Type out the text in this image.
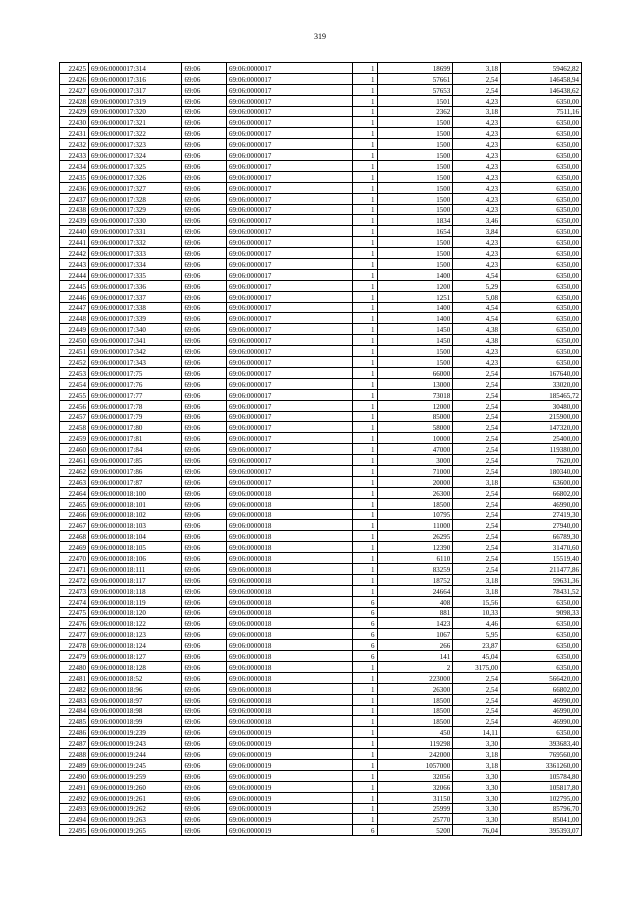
319
22425	69:06:0000017:314	69:06	69:06:0000017	1	18699	3,18	59462,82
22426	69:06:0000017:316	69:06	69:06:0000017	1	57661	2,54	146458,94
22427	69:06:0000017:317	69:06	69:06:0000017	1	57653	2,54	146438,62
22428	69:06:0000017:319	69:06	69:06:0000017	1	1501	4,23	6350,00
22429	69:06:0000017:320	69:06	69:06:0000017	1	2362	3,18	7511,16
22430	69:06:0000017:321	69:06	69:06:0000017	1	1500	4,23	6350,00
22431	69:06:0000017:322	69:06	69:06:0000017	1	1500	4,23	6350,00
22432	69:06:0000017:323	69:06	69:06:0000017	1	1500	4,23	6350,00
22433	69:06:0000017:324	69:06	69:06:0000017	1	1500	4,23	6350,00
22434	69:06:0000017:325	69:06	69:06:0000017	1	1500	4,23	6350,00
22435	69:06:0000017:326	69:06	69:06:0000017	1	1500	4,23	6350,00
22436	69:06:0000017:327	69:06	69:06:0000017	1	1500	4,23	6350,00
22437	69:06:0000017:328	69:06	69:06:0000017	1	1500	4,23	6350,00
22438	69:06:0000017:329	69:06	69:06:0000017	1	1500	4,23	6350,00
22439	69:06:0000017:330	69:06	69:06:0000017	1	1834	3,46	6350,00
22440	69:06:0000017:331	69:06	69:06:0000017	1	1654	3,84	6350,00
22441	69:06:0000017:332	69:06	69:06:0000017	1	1500	4,23	6350,00
22442	69:06:0000017:333	69:06	69:06:0000017	1	1500	4,23	6350,00
22443	69:06:0000017:334	69:06	69:06:0000017	1	1500	4,23	6350,00
22444	69:06:0000017:335	69:06	69:06:0000017	1	1400	4,54	6350,00
22445	69:06:0000017:336	69:06	69:06:0000017	1	1200	5,29	6350,00
22446	69:06:0000017:337	69:06	69:06:0000017	1	1251	5,08	6350,00
22447	69:06:0000017:338	69:06	69:06:0000017	1	1400	4,54	6350,00
22448	69:06:0000017:339	69:06	69:06:0000017	1	1400	4,54	6350,00
22449	69:06:0000017:340	69:06	69:06:0000017	1	1450	4,38	6350,00
22450	69:06:0000017:341	69:06	69:06:0000017	1	1450	4,38	6350,00
22451	69:06:0000017:342	69:06	69:06:0000017	1	1500	4,23	6350,00
22452	69:06:0000017:343	69:06	69:06:0000017	1	1500	4,23	6350,00
22453	69:06:0000017:75	69:06	69:06:0000017	1	66000	2,54	167640,00
22454	69:06:0000017:76	69:06	69:06:0000017	1	13000	2,54	33020,00
22455	69:06:0000017:77	69:06	69:06:0000017	1	73018	2,54	185465,72
22456	69:06:0000017:78	69:06	69:06:0000017	1	12000	2,54	30480,00
22457	69:06:0000017:79	69:06	69:06:0000017	1	85000	2,54	215900,00
22458	69:06:0000017:80	69:06	69:06:0000017	1	58000	2,54	147320,00
22459	69:06:0000017:81	69:06	69:06:0000017	1	10000	2,54	25400,00
22460	69:06:0000017:84	69:06	69:06:0000017	1	47000	2,54	119380,00
22461	69:06:0000017:85	69:06	69:06:0000017	1	3000	2,54	7620,00
22462	69:06:0000017:86	69:06	69:06:0000017	1	71000	2,54	180340,00
22463	69:06:0000017:87	69:06	69:06:0000017	1	20000	3,18	63600,00
22464	69:06:0000018:100	69:06	69:06:0000018	1	26300	2,54	66802,00
22465	69:06:0000018:101	69:06	69:06:0000018	1	18500	2,54	46990,00
22466	69:06:0000018:102	69:06	69:06:0000018	1	10795	2,54	27419,30
22467	69:06:0000018:103	69:06	69:06:0000018	1	11000	2,54	27940,00
22468	69:06:0000018:104	69:06	69:06:0000018	1	26295	2,54	66789,30
22469	69:06:0000018:105	69:06	69:06:0000018	1	12390	2,54	31470,60
22470	69:06:0000018:106	69:06	69:06:0000018	1	6110	2,54	15519,40
22471	69:06:0000018:111	69:06	69:06:0000018	1	83259	2,54	211477,86
22472	69:06:0000018:117	69:06	69:06:0000018	1	18752	3,18	59631,36
22473	69:06:0000018:118	69:06	69:06:0000018	1	24664	3,18	78431,52
22474	69:06:0000018:119	69:06	69:06:0000018	6	408	15,56	6350,00
22475	69:06:0000018:120	69:06	69:06:0000018	6	881	10,33	9098,33
22476	69:06:0000018:122	69:06	69:06:0000018	6	1423	4,46	6350,00
22477	69:06:0000018:123	69:06	69:06:0000018	6	1067	5,95	6350,00
22478	69:06:0000018:124	69:06	69:06:0000018	6	266	23,87	6350,00
22479	69:06:0000018:127	69:06	69:06:0000018	6	141	45,04	6350,00
22480	69:06:0000018:128	69:06	69:06:0000018	1	2	3175,00	6350,00
22481	69:06:0000018:52	69:06	69:06:0000018	1	223000	2,54	566420,00
22482	69:06:0000018:96	69:06	69:06:0000018	1	26300	2,54	66802,00
22483	69:06:0000018:97	69:06	69:06:0000018	1	18500	2,54	46990,00
22484	69:06:0000018:98	69:06	69:06:0000018	1	18500	2,54	46990,00
22485	69:06:0000018:99	69:06	69:06:0000018	1	18500	2,54	46990,00
22486	69:06:0000019:239	69:06	69:06:0000019	1	450	14,11	6350,00
22487	69:06:0000019:243	69:06	69:06:0000019	1	119298	3,30	393683,40
22488	69:06:0000019:244	69:06	69:06:0000019	1	242000	3,18	769560,00
22489	69:06:0000019:245	69:06	69:06:0000019	1	1057000	3,18	3361260,00
22490	69:06:0000019:259	69:06	69:06:0000019	1	32056	3,30	105784,80
22491	69:06:0000019:260	69:06	69:06:0000019	1	32066	3,30	105817,80
22492	69:06:0000019:261	69:06	69:06:0000019	1	31150	3,30	102795,00
22493	69:06:0000019:262	69:06	69:06:0000019	1	25999	3,30	85796,70
22494	69:06:0000019:263	69:06	69:06:0000019	1	25770	3,30	85041,00
22495	69:06:0000019:265	69:06	69:06:0000019	6	5200	76,04	395393,07
